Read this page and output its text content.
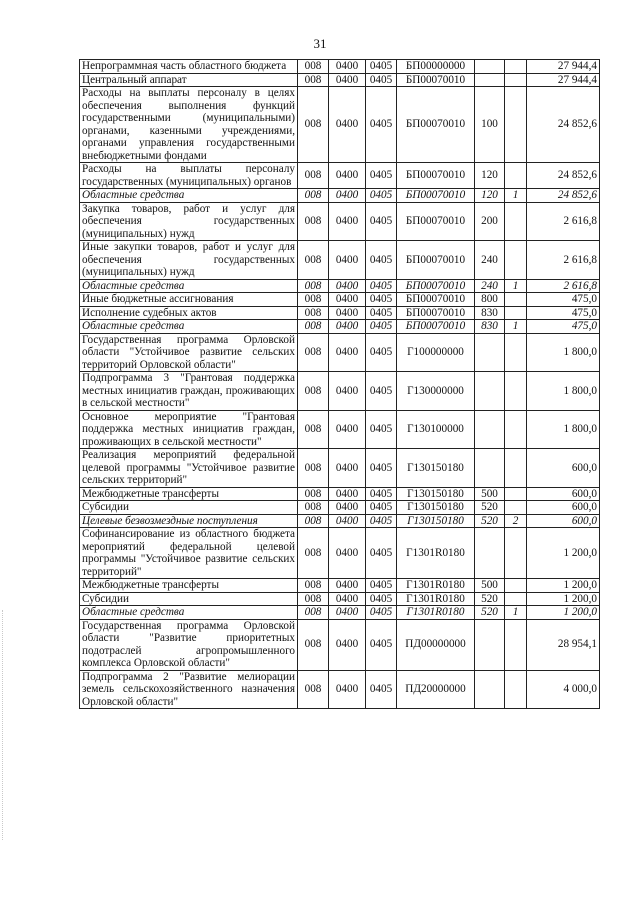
31
Непрограммная часть областного бюджета	008	0400	0405	БП00000000			27 944,4
Центральный аппарат	008	0400	0405	БП00070010			27 944,4
Расходы на выплаты персоналу в целях обеспечения выполнения функций государственными (муниципальными) органами, казенными учреждениями, органами управления государственными внебюджетными фондами	008	0400	0405	БП00070010	100		24 852,6
Расходы на выплаты персоналу государственных (муниципальных) органов	008	0400	0405	БП00070010	120		24 852,6
Областные средства	008	0400	0405	БП00070010	120	1	24 852,6
Закупка товаров, работ и услуг для обеспечения государственных (муниципальных) нужд	008	0400	0405	БП00070010	200		2 616,8
Иные закупки товаров, работ и услуг для обеспечения государственных (муниципальных) нужд	008	0400	0405	БП00070010	240		2 616,8
Областные средства	008	0400	0405	БП00070010	240	1	2 616,8
Иные бюджетные ассигнования	008	0400	0405	БП00070010	800		475,0
Исполнение судебных актов	008	0400	0405	БП00070010	830		475,0
Областные средства	008	0400	0405	БП00070010	830	1	475,0
Государственная программа Орловской области "Устойчивое развитие сельских территорий Орловской области"	008	0400	0405	Г100000000			1 800,0
Подпрограмма 3 "Грантовая поддержка местных инициатив граждан, проживающих в сельской местности"	008	0400	0405	Г130000000			1 800,0
Основное мероприятие "Грантовая поддержка местных инициатив граждан, проживающих в сельской местности"	008	0400	0405	Г130100000			1 800,0
Реализация мероприятий федеральной целевой программы "Устойчивое развитие сельских территорий"	008	0400	0405	Г130150180			600,0
Межбюджетные трансферты	008	0400	0405	Г130150180	500		600,0
Субсидии	008	0400	0405	Г130150180	520		600,0
Целевые безвозмездные поступления	008	0400	0405	Г130150180	520	2	600,0
Софинансирование из областного бюджета мероприятий федеральной целевой программы "Устойчивое развитие сельских территорий"	008	0400	0405	Г1301R0180			1 200,0
Межбюджетные трансферты	008	0400	0405	Г1301R0180	500		1 200,0
Субсидии	008	0400	0405	Г1301R0180	520		1 200,0
Областные средства	008	0400	0405	Г1301R0180	520	1	1 200,0
Государственная программа Орловской области "Развитие приоритетных подотраслей агропромышленного комплекса Орловской области"	008	0400	0405	ПД00000000			28 954,1
Подпрограмма 2 "Развитие мелиорации земель сельскохозяйственного назначения Орловской области"	008	0400	0405	ПД20000000			4 000,0
